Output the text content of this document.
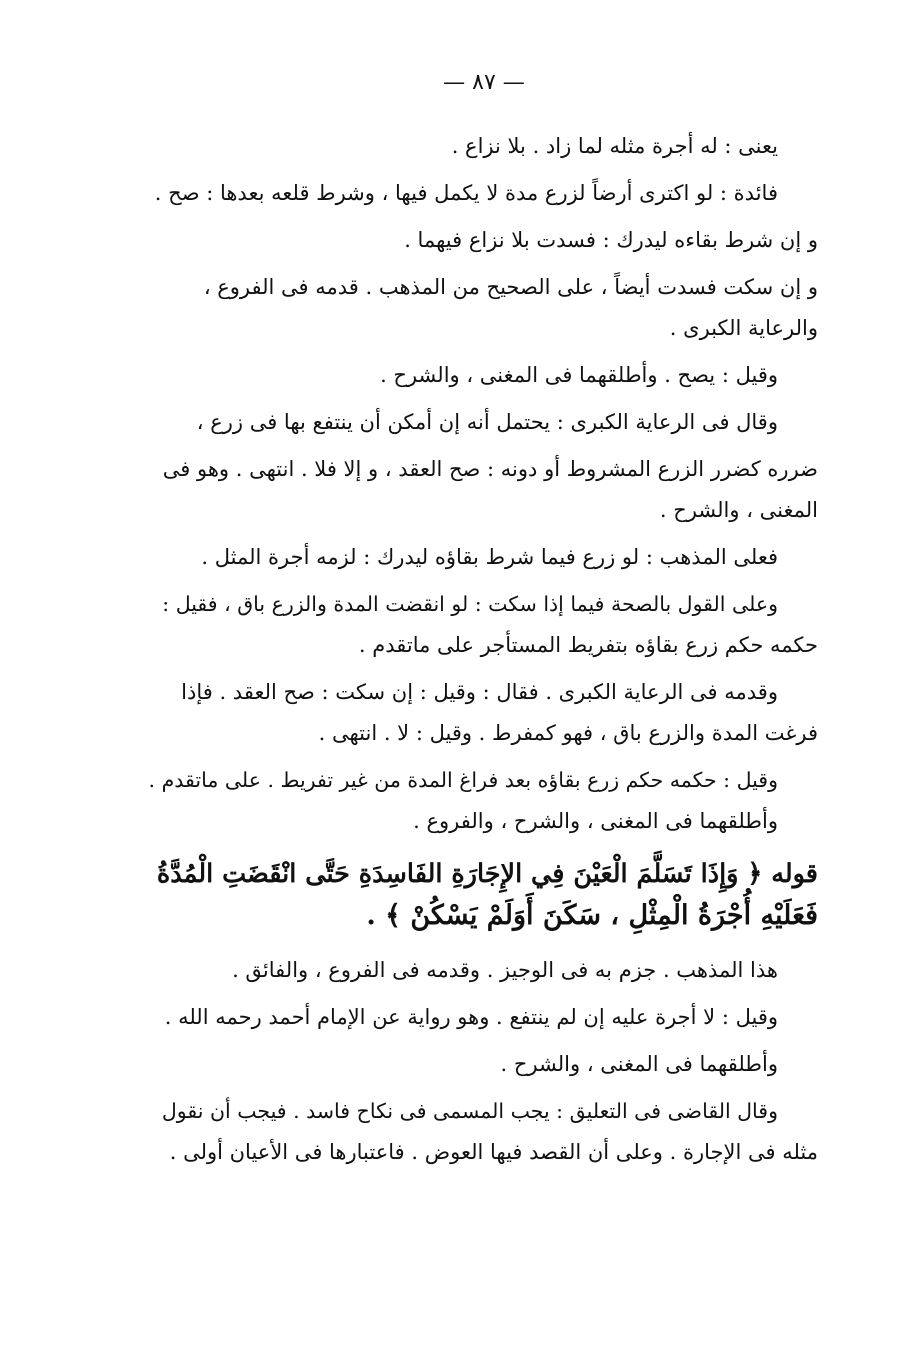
— ٨٧ —
يعنى : له أجرة مثله لما زاد . بلا نزاع .
فائدة : لو اكترى أرضاً لزرع مدة لا يكمل فيها ، وشرط قلعه بعدها : صح .
و إن شرط بقاءه ليدرك : فسدت بلا نزاع فيهما .
و إن سكت فسدت أيضاً ، على الصحيح من المذهب . قدمه فى الفروع ،
والرعاية الكبرى .
وقيل : يصح . وأطلقهما فى المغنى ، والشرح .
وقال فى الرعاية الكبرى : يحتمل أنه إن أمكن أن ينتفع بها فى زرع ،
ضرره كضرر الزرع المشروط أو دونه : صح العقد ، و إلا فلا . انتهى . وهو فى
المغنى ، والشرح .
فعلى المذهب : لو زرع فيما شرط بقاؤه ليدرك : لزمه أجرة المثل .
وعلى القول بالصحة فيما إذا سكت : لو انقضت المدة والزرع باق ، فقيل :
حكمه حكم زرع بقاؤه بتفريط المستأجر على ماتقدم .
وقدمه فى الرعاية الكبرى . فقال : وقيل : إن سكت : صح العقد . فإذا
فرغت المدة والزرع باق ، فهو كمفرط . وقيل : لا . انتهى .
وقيل : حكمه حكم زرع بقاؤه بعد فراغ المدة من غير تفريط . على ماتقدم .
وأطلقهما فى المغنى ، والشرح ، والفروع .
قوله ﴿ وَإِذَا تَسَلَّمَ الْعَيْنَ فِي الإِجَارَةِ الفَاسِدَةِ حَتَّى انْقَضَتِ الْمُدَّةُ
فَعَلَيْهِ أُجْرَةُ الْمِثْلِ ، سَكَنَ أَوَلَمْ يَسْكُنْ ﴾ .
هذا المذهب . جزم به فى الوجيز . وقدمه فى الفروع ، والفائق .
وقيل : لا أجرة عليه إن لم ينتفع . وهو رواية عن الإمام أحمد رحمه الله .
وأطلقهما فى المغنى ، والشرح .
وقال القاضى فى التعليق : يجب المسمى فى نكاح فاسد . فيجب أن نقول
مثله فى الإجارة . وعلى أن القصد فيها العوض . فاعتبارها فى الأعيان أولى .
